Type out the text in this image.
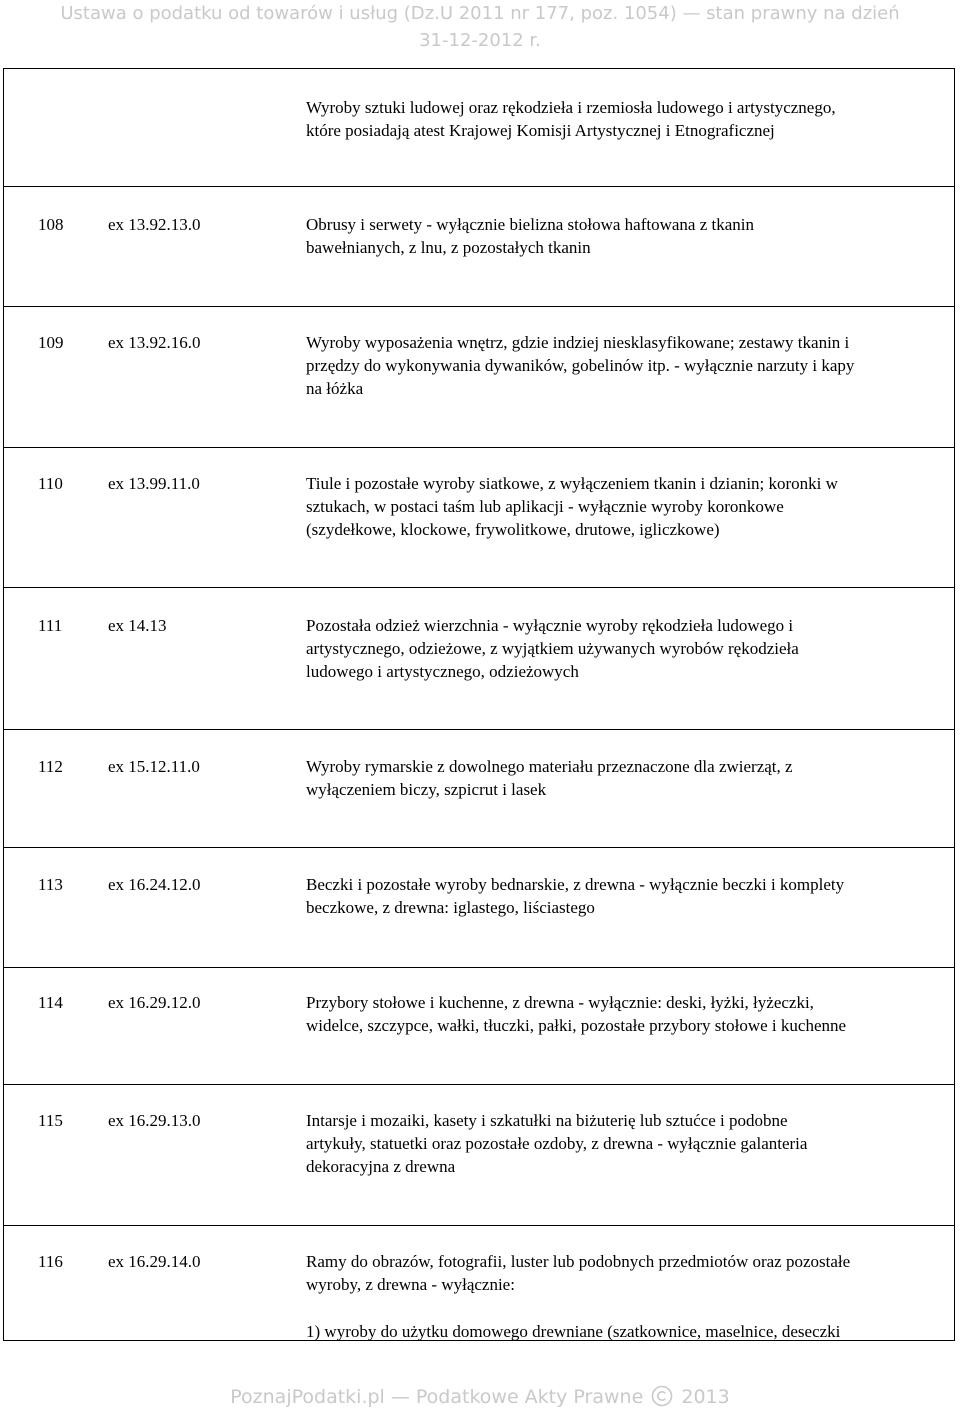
Ustawa o podatku od towarów i usług (Dz.U 2011 nr 177, poz. 1054) — stan prawny na dzień
31-12-2012 r.
Wyroby sztuki ludowej oraz rękodzieła i rzemiosła ludowego i artystycznego,
które posiadają atest Krajowej Komisji Artystycznej i Etnograficznej
108	ex 13.92.13.0	Obrusy i serwety - wyłącznie bielizna stołowa haftowana z tkanin
bawełnianych, z lnu, z pozostałych tkanin
109	ex 13.92.16.0	Wyroby wyposażenia wnętrz, gdzie indziej niesklasyfikowane; zestawy tkanin i
przędzy do wykonywania dywaników, gobelinów itp. - wyłącznie narzuty i kapy
na łóżka
110	ex 13.99.11.0	Tiule i pozostałe wyroby siatkowe, z wyłączeniem tkanin i dzianin; koronki w
sztukach, w postaci taśm lub aplikacji - wyłącznie wyroby koronkowe
(szydełkowe, klockowe, frywolitkowe, drutowe, igliczkowe)
111	ex 14.13	Pozostała odzież wierzchnia - wyłącznie wyroby rękodzieła ludowego i
artystycznego, odzieżowe, z wyjątkiem używanych wyrobów rękodzieła
ludowego i artystycznego, odzieżowych
112	ex 15.12.11.0	Wyroby rymarskie z dowolnego materiału przeznaczone dla zwierząt, z
wyłączeniem biczy, szpicrut i lasek
113	ex 16.24.12.0	Beczki i pozostałe wyroby bednarskie, z drewna - wyłącznie beczki i komplety
beczkowe, z drewna: iglastego, liściastego
114	ex 16.29.12.0	Przybory stołowe i kuchenne, z drewna - wyłącznie: deski, łyżki, łyżeczki,
widelce, szczypce, wałki, tłuczki, pałki, pozostałe przybory stołowe i kuchenne
115	ex 16.29.13.0	Intarsje i mozaiki, kasety i szkatułki na biżuterię lub sztućce i podobne
artykuły, statuetki oraz pozostałe ozdoby, z drewna - wyłącznie galanteria
dekoracyjna z drewna
116	ex 16.29.14.0	Ramy do obrazów, fotografii, luster lub podobnych przedmiotów oraz pozostałe
wyroby, z drewna - wyłącznie:
1) wyroby do użytku domowego drewniane (szatkownice, maselnice, deseczki
PoznajPodatki.pl — Podatkowe Akty Prawne 2013
